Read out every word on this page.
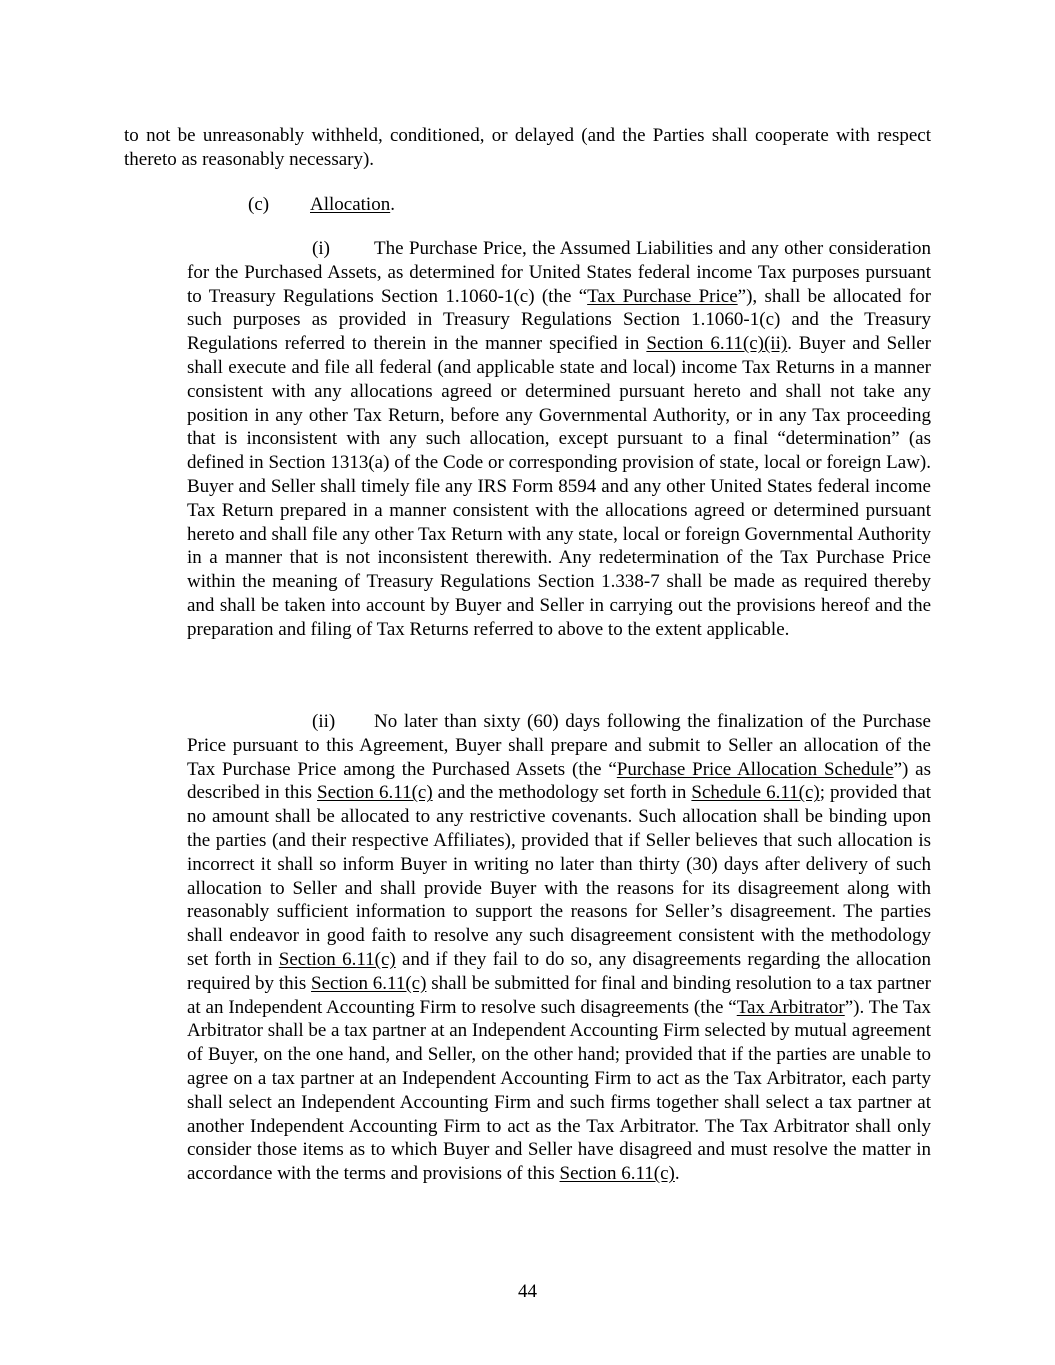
to not be unreasonably withheld, conditioned, or delayed (and the Parties shall cooperate with respect thereto as reasonably necessary).

(c) Allocation.

(i) The Purchase Price, the Assumed Liabilities and any other consideration for the Purchased Assets, as determined for United States federal income Tax purposes pursuant to Treasury Regulations Section 1.1060-1(c) (the “Tax Purchase Price”), shall be allocated for such purposes as provided in Treasury Regulations Section 1.1060-1(c) and the Treasury Regulations referred to therein in the manner specified in Section 6.11(c)(ii). Buyer and Seller shall execute and file all federal (and applicable state and local) income Tax Returns in a manner consistent with any allocations agreed or determined pursuant hereto and shall not take any position in any other Tax Return, before any Governmental Authority, or in any Tax proceeding that is inconsistent with any such allocation, except pursuant to a final “determination” (as defined in Section 1313(a) of the Code or corresponding provision of state, local or foreign Law). Buyer and Seller shall timely file any IRS Form 8594 and any other United States federal income Tax Return prepared in a manner consistent with the allocations agreed or determined pursuant hereto and shall file any other Tax Return with any state, local or foreign Governmental Authority in a manner that is not inconsistent therewith. Any redetermination of the Tax Purchase Price within the meaning of Treasury Regulations Section 1.338-7 shall be made as required thereby and shall be taken into account by Buyer and Seller in carrying out the provisions hereof and the preparation and filing of Tax Returns referred to above to the extent applicable.

(ii) No later than sixty (60) days following the finalization of the Purchase Price pursuant to this Agreement, Buyer shall prepare and submit to Seller an allocation of the Tax Purchase Price among the Purchased Assets (the “Purchase Price Allocation Schedule”) as described in this Section 6.11(c) and the methodology set forth in Schedule 6.11(c); provided that no amount shall be allocated to any restrictive covenants. Such allocation shall be binding upon the parties (and their respective Affiliates), provided that if Seller believes that such allocation is incorrect it shall so inform Buyer in writing no later than thirty (30) days after delivery of such allocation to Seller and shall provide Buyer with the reasons for its disagreement along with reasonably sufficient information to support the reasons for Seller’s disagreement. The parties shall endeavor in good faith to resolve any such disagreement consistent with the methodology set forth in Section 6.11(c) and if they fail to do so, any disagreements regarding the allocation required by this Section 6.11(c) shall be submitted for final and binding resolution to a tax partner at an Independent Accounting Firm to resolve such disagreements (the “Tax Arbitrator”). The Tax Arbitrator shall be a tax partner at an Independent Accounting Firm selected by mutual agreement of Buyer, on the one hand, and Seller, on the other hand; provided that if the parties are unable to agree on a tax partner at an Independent Accounting Firm to act as the Tax Arbitrator, each party shall select an Independent Accounting Firm and such firms together shall select a tax partner at another Independent Accounting Firm to act as the Tax Arbitrator. The Tax Arbitrator shall only consider those items as to which Buyer and Seller have disagreed and must resolve the matter in accordance with the terms and provisions of this Section 6.11(c).

44
